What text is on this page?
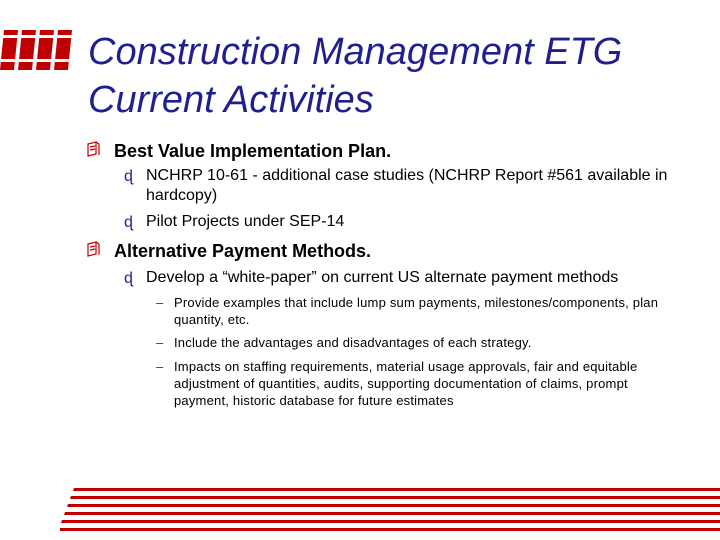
Construction Management ETG
Current Activities
Best Value Implementation Plan.
ɖ NCHRP 10-61 - additional case studies (NCHRP Report #561 available in hardcopy)
ɖ Pilot Projects under SEP-14
Alternative Payment Methods.
ɖ Develop a “white-paper” on current US alternate payment methods
– Provide examples that include lump sum payments, milestones/components, plan quantity, etc.
– Include the advantages and disadvantages of each strategy.
– Impacts on staffing requirements, material usage approvals, fair and equitable adjustment of quantities, audits, supporting documentation of claims, prompt payment, historic database for future estimates
